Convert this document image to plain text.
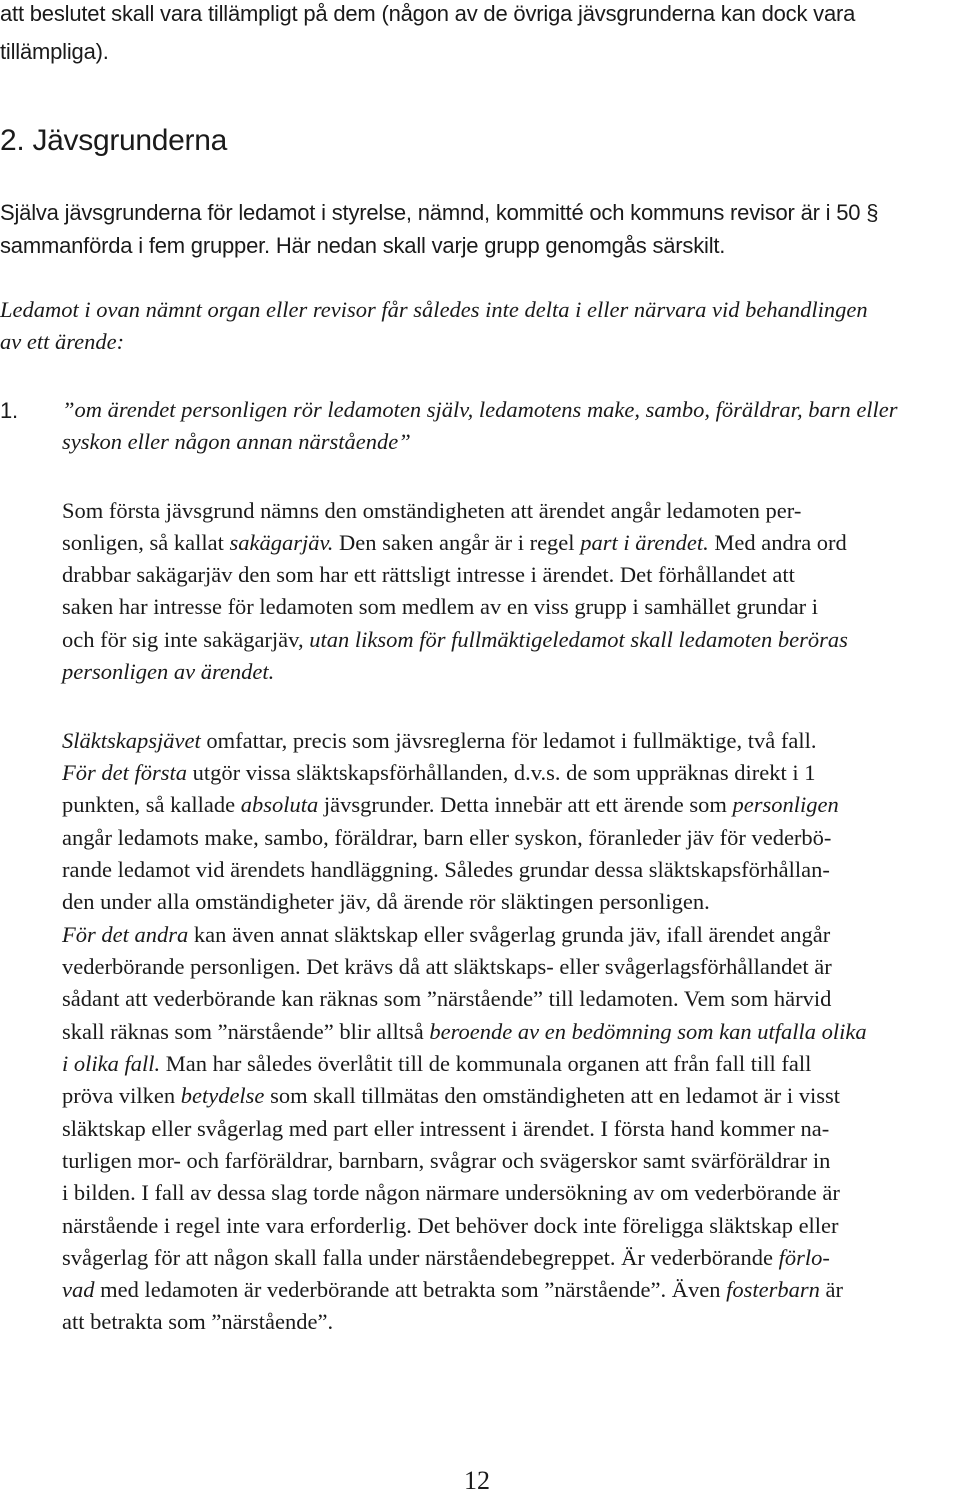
att beslutet skall vara tillämpligt på dem (någon av de övriga jävsgrunderna kan dock vara
tillämpliga).
2. Jävsgrunderna
Själva jävsgrunderna för ledamot i styrelse, nämnd, kommitté och kommuns revisor är i 50 §
sammanförda i fem grupper. Här nedan skall varje grupp genomgås särskilt.
Ledamot i ovan nämnt organ eller revisor får således inte delta i eller närvara vid behandlingen
av ett ärende:
1. ”om ärendet personligen rör ledamoten själv, ledamotens make, sambo, föräldrar, barn eller
syskon eller någon annan närstående”
Som första jävsgrund nämns den omständigheten att ärendet angår ledamoten per-
sonligen, så kallat sakägarjäv. Den saken angår är i regel part i ärendet. Med andra ord
drabbar sakägarjäv den som har ett rättsligt intresse i ärendet. Det förhållandet att
saken har intresse för ledamoten som medlem av en viss grupp i samhället grundar i
och för sig inte sakägarjäv, utan liksom för fullmäktigeledamot skall ledamoten beröras
personligen av ärendet.
Släktskapsjävet omfattar, precis som jävsreglerna för ledamot i fullmäktige, två fall.
För det första utgör vissa släktskapsförhållanden, d.v.s. de som uppräknas direkt i 1
punkten, så kallade absoluta jävsgrunder. Detta innebär att ett ärende som personligen
angår ledamots make, sambo, föräldrar, barn eller syskon, föranleder jäv för vederbö-
rande ledamot vid ärendets handläggning. Således grundar dessa släktskapsförhållan-
den under alla omständigheter jäv, då ärende rör släktingen personligen.
För det andra kan även annat släktskap eller svågerlag grunda jäv, ifall ärendet angår
vederbörande personligen. Det krävs då att släktskaps- eller svågerlagsförhållandet är
sådant att vederbörande kan räknas som ”närstående” till ledamoten. Vem som härvid
skall räknas som ”närstående” blir alltså beroende av en bedömning som kan utfalla olika
i olika fall. Man har således överlåtit till de kommunala organen att från fall till fall
pröva vilken betydelse som skall tillmätas den omständigheten att en ledamot är i visst
släktskap eller svågerlag med part eller intressent i ärendet. I första hand kommer na-
turligen mor- och farföräldrar, barnbarn, svågrar och svägerskor samt svärföräldrar in
i bilden. I fall av dessa slag torde någon närmare undersökning av om vederbörande är
närstående i regel inte vara erforderlig. Det behöver dock inte föreligga släktskap eller
svågerlag för att någon skall falla under närståendebegreppet. Är vederbörande förlo-
vad med ledamoten är vederbörande att betrakta som ”närstående”. Även fosterbarn är
att betrakta som ”närstående”.
12
